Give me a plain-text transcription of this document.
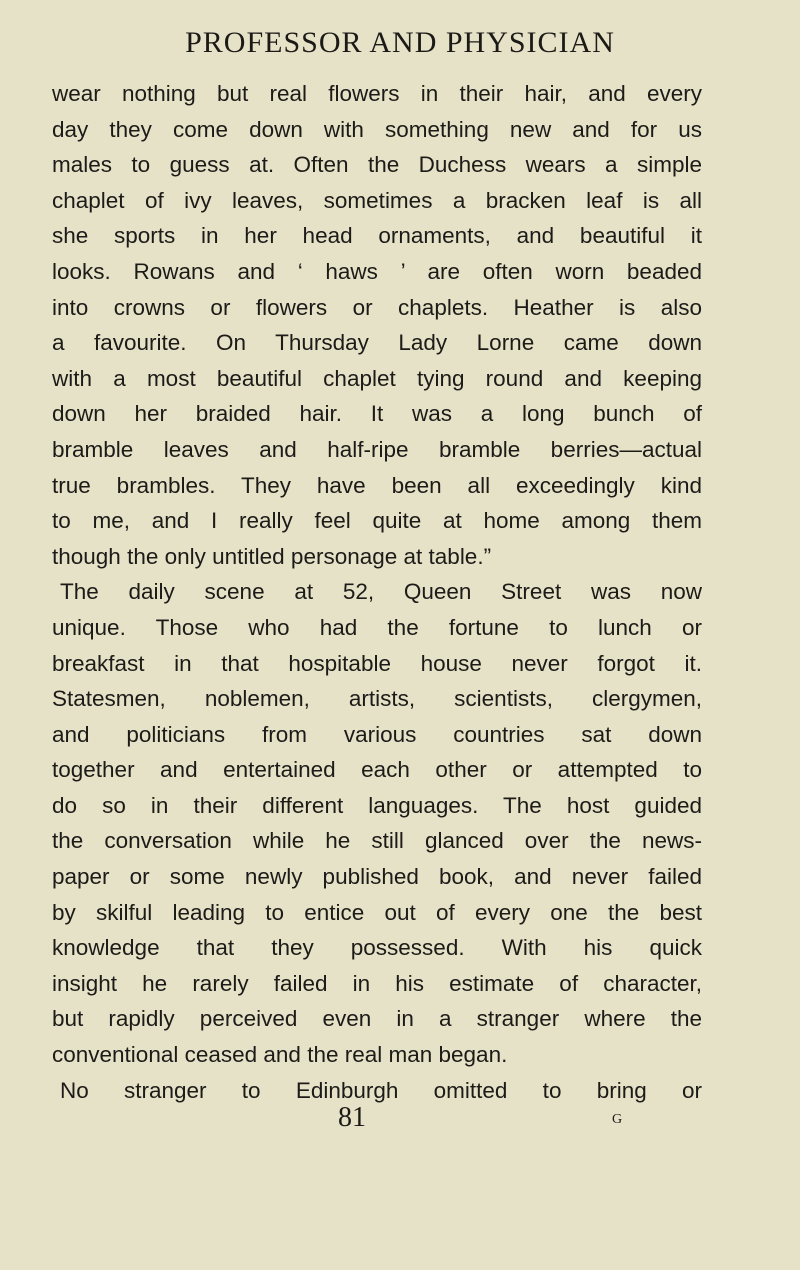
PROFESSOR AND PHYSICIAN
wear nothing but real flowers in their hair, and every
day they come down with something new and for us
males to guess at. Often the Duchess wears a simple
chaplet of ivy leaves, sometimes a bracken leaf is all
she sports in her head ornaments, and beautiful it
looks. Rowans and ‘ haws ’ are often worn beaded
into crowns or flowers or chaplets. Heather is also
a favourite. On Thursday Lady Lorne came down
with a most beautiful chaplet tying round and keeping
down her braided hair. It was a long bunch of
bramble leaves and half-ripe bramble berries—actual
true brambles. They have been all exceedingly kind
to me, and I really feel quite at home among them
though the only untitled personage at table.”
The daily scene at 52, Queen Street was now
unique. Those who had the fortune to lunch or
breakfast in that hospitable house never forgot it.
Statesmen, noblemen, artists, scientists, clergymen,
and politicians from various countries sat down
together and entertained each other or attempted to
do so in their different languages. The host guided
the conversation while he still glanced over the news-
paper or some newly published book, and never failed
by skilful leading to entice out of every one the best
knowledge that they possessed. With his quick
insight he rarely failed in his estimate of character,
but rapidly perceived even in a stranger where the
conventional ceased and the real man began.
No stranger to Edinburgh omitted to bring or
81	G
